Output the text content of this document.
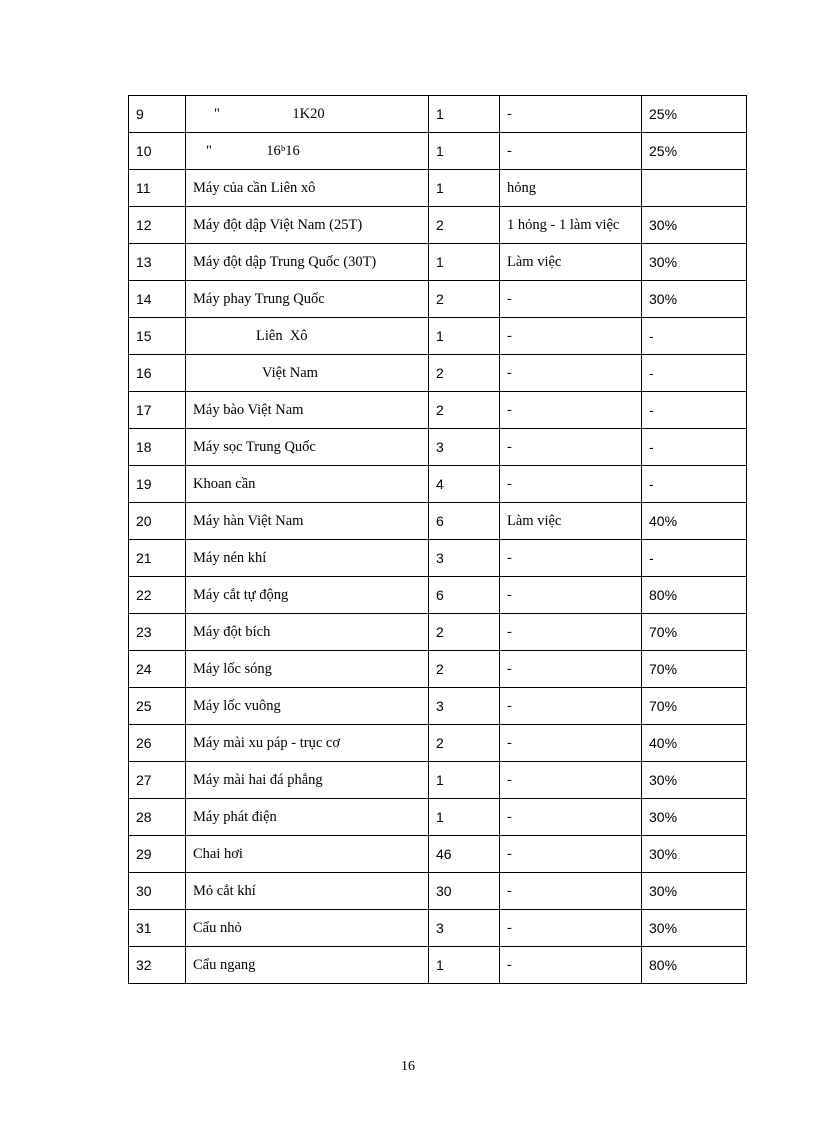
9	"                    1K20	1	-	25%
10	"               16ᵇ16	1	-	25%
11	Máy của cần Liên xô	1	hỏng	
12	Máy đột dập Việt Nam (25T)	2	1 hỏng - 1 làm việc	30%
13	Máy đột dập Trung Quốc (30T)	1	Làm việc	30%
14	Máy phay Trung Quốc	2	-	30%
15	Liên  Xô	1	-	-
16	Việt Nam	2	-	-
17	Máy bào Việt Nam	2	-	-
18	Máy sọc Trung Quốc	3	-	-
19	Khoan cần	4	-	-
20	Máy hàn Việt Nam	6	Làm việc	40%
21	Máy nén khí	3	-	-
22	Máy cắt tự động	6	-	80%
23	Máy đột bích	2	-	70%
24	Máy lốc sóng	2	-	70%
25	Máy lốc vuông	3	-	70%
26	Máy mài xu páp - trục cơ	2	-	40%
27	Máy mài hai đá phẳng	1	-	30%
28	Máy phát điện	1	-	30%
29	Chai hơi	46	-	30%
30	Mỏ cắt khí	30	-	30%
31	Cẩu nhỏ	3	-	30%
32	Cẩu ngang	1	-	80%
16
